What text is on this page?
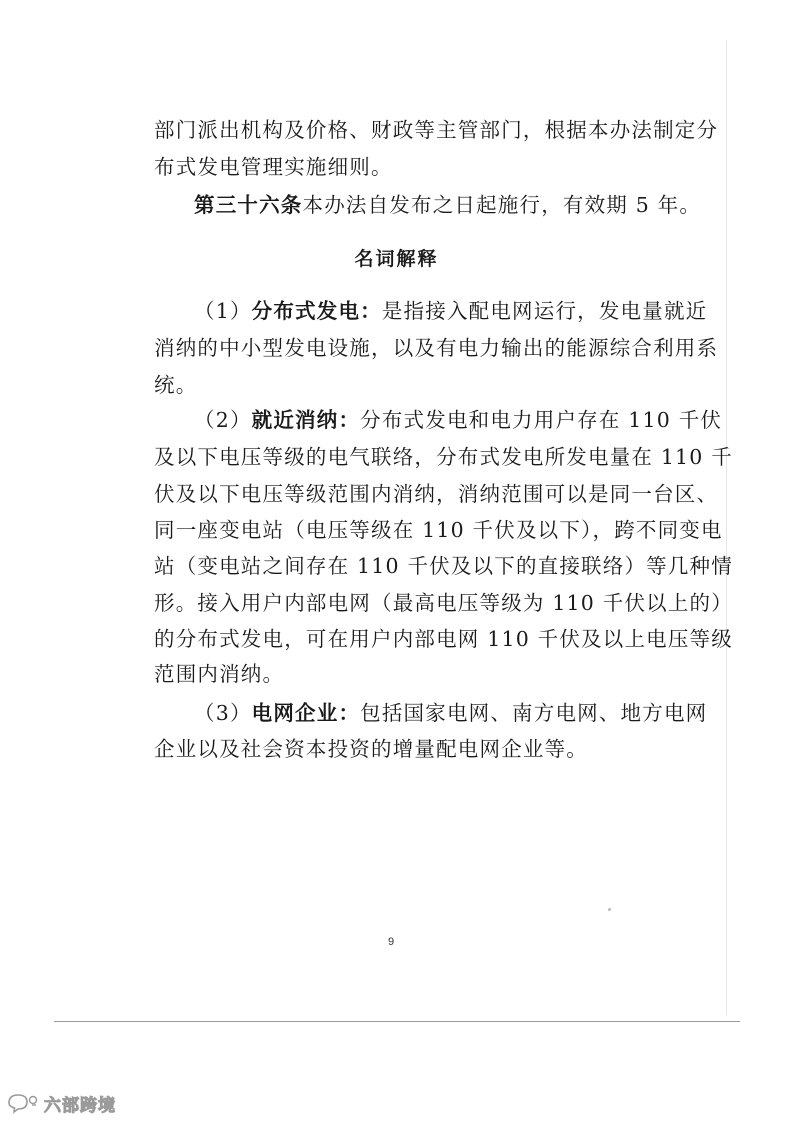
部门派出机构及价格、财政等主管部门，根据本办法制定分
布式发电管理实施细则。
第三十六条本办法自发布之日起施行，有效期 5 年。
名词解释
（1）分布式发电：是指接入配电网运行，发电量就近
消纳的中小型发电设施，以及有电力输出的能源综合利用系
统。
（2）就近消纳：分布式发电和电力用户存在 110 千伏
及以下电压等级的电气联络，分布式发电所发电量在 110 千
伏及以下电压等级范围内消纳，消纳范围可以是同一台区、
同一座变电站（电压等级在 110 千伏及以下），跨不同变电
站（变电站之间存在 110 千伏及以下的直接联络）等几种情
形。接入用户内部电网（最高电压等级为 110 千伏以上的）
的分布式发电，可在用户内部电网 110 千伏及以上电压等级
范围内消纳。
（3）电网企业：包括国家电网、南方电网、地方电网
企业以及社会资本投资的增量配电网企业等。
9
六部跨境
